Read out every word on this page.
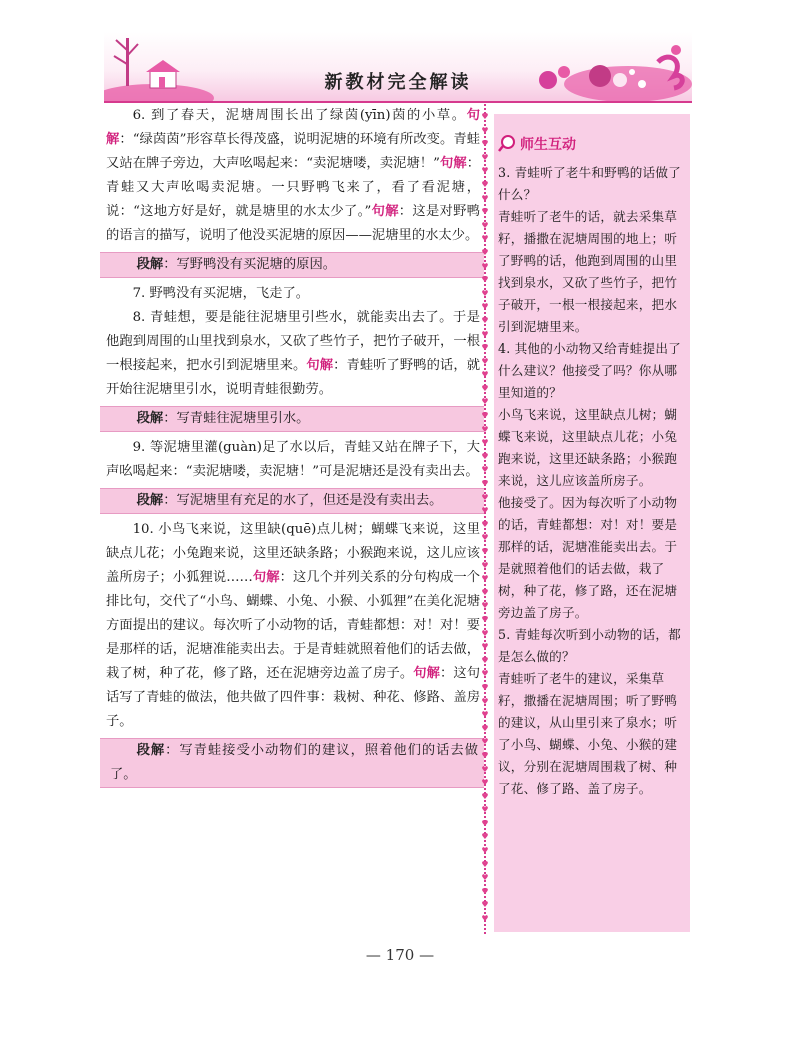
新教材完全解读

6. 到了春天，泥塘周围长出了绿茵(yīn)茵的小草。句解：“绿茵茵”形容草长得茂盛，说明泥塘的环境有所改变。青蛙又站在牌子旁边，大声吆喝起来：“卖泥塘喽，卖泥塘！”句解：青蛙又大声吆喝卖泥塘。一只野鸭飞来了，看了看泥塘，说：“这地方好是好，就是塘里的水太少了。”句解：这是对野鸭的语言的描写，说明了他没买泥塘的原因——泥塘里的水太少。

段解：写野鸭没有买泥塘的原因。

7. 野鸭没有买泥塘，飞走了。

8. 青蛙想，要是能往泥塘里引些水，就能卖出去了。于是他跑到周围的山里找到泉水，又砍了些竹子，把竹子破开，一根一根接起来，把水引到泥塘里来。句解：青蛙听了野鸭的话，就开始往泥塘里引水，说明青蛙很勤劳。

段解：写青蛙往泥塘里引水。

9. 等泥塘里灌(guàn)足了水以后，青蛙又站在牌子下，大声吆喝起来：“卖泥塘喽，卖泥塘！”可是泥塘还是没有卖出去。

段解：写泥塘里有充足的水了，但还是没有卖出去。

10. 小鸟飞来说，这里缺(quē)点儿树；蝴蝶飞来说，这里缺点儿花；小兔跑来说，这里还缺条路；小猴跑来说，这儿应该盖所房子；小狐狸说……句解：这几个并列关系的分句构成一个排比句，交代了“小鸟、蝴蝶、小兔、小猴、小狐狸”在美化泥塘方面提出的建议。每次听了小动物的话，青蛙都想：对！对！要是那样的话，泥塘准能卖出去。于是青蛙就照着他们的话去做，栽了树，种了花，修了路，还在泥塘旁边盖了房子。句解：这句话写了青蛙的做法，他共做了四件事：栽树、种花、修路、盖房子。

段解：写青蛙接受小动物们的建议，照着他们的话去做了。
♥
♥
♥
♥
♥
♥
♥
♥
♥
♥
♥
♥
♥
♥
♥
♥
♥
♥
♥
♥
♥
♥
♥
♥
♥
♥
♥
♥
♥
♥
♥
♥
♥
♥
♥
♥
♥
♥
♥
♥
♥
♥
♥
♥
♥
♥
♥
♥
♥
♥
♥
♥
♥
♥
♥
♥
♥
♥
♥
♥
师生互动
3. 青蛙听了老牛和野鸭的话做了什么？
青蛙听了老牛的话，就去采集草籽，播撒在泥塘周围的地上；听了野鸭的话，他跑到周围的山里找到泉水，又砍了些竹子，把竹子破开，一根一根接起来，把水引到泥塘里来。
4. 其他的小动物又给青蛙提出了什么建议？他接受了吗？你从哪里知道的？
小鸟飞来说，这里缺点儿树；蝴蝶飞来说，这里缺点儿花；小兔跑来说，这里还缺条路；小猴跑来说，这儿应该盖所房子。
他接受了。因为每次听了小动物的话，青蛙都想：对！对！要是那样的话，泥塘准能卖出去。于是就照着他们的话去做，栽了树，种了花，修了路，还在泥塘旁边盖了房子。
5. 青蛙每次听到小动物的话，都是怎么做的？
青蛙听了老牛的建议，采集草籽，撒播在泥塘周围；听了野鸭的建议，从山里引来了泉水；听了小鸟、蝴蝶、小兔、小猴的建议，分别在泥塘周围栽了树、种了花、修了路、盖了房子。
— 170 —
